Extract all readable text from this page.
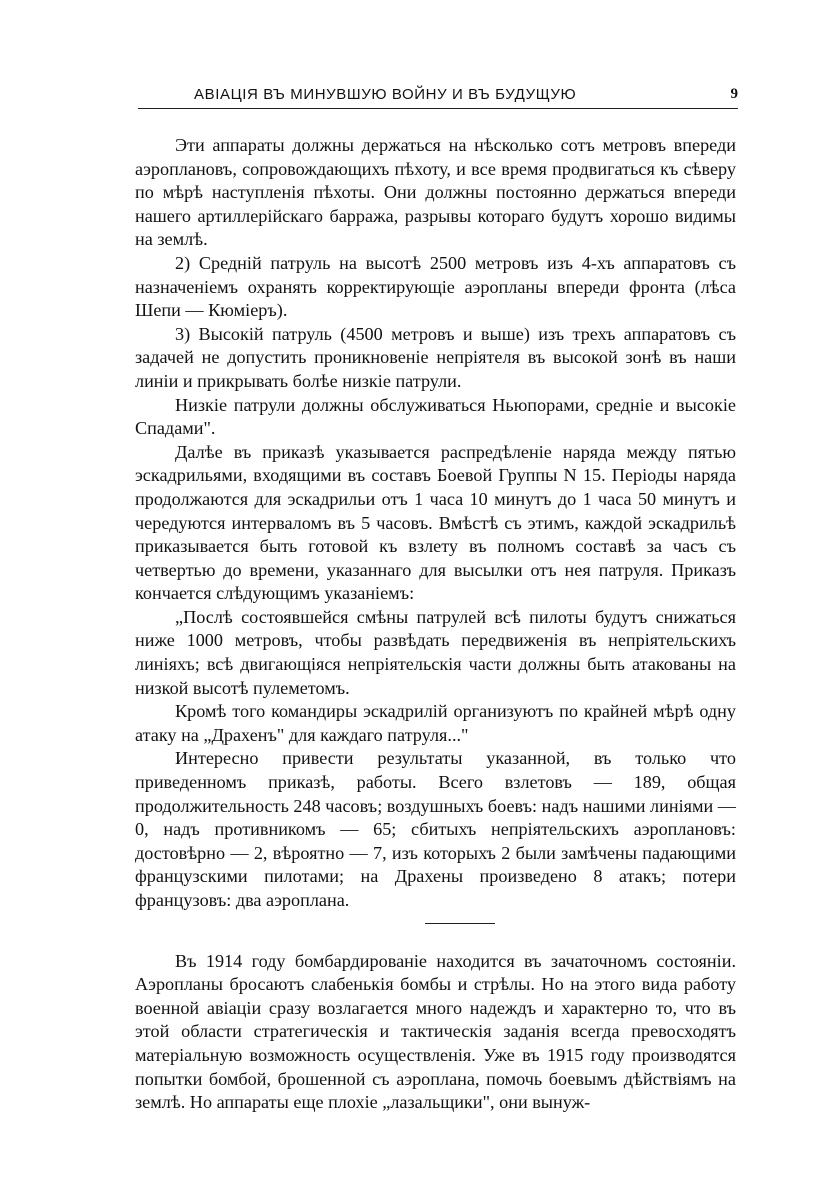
АВІАЦІЯ ВЪ МИНУВШУЮ ВОЙНУ И ВЪ БУДУЩУЮ	9

Эти аппараты должны держаться на нѣсколько сотъ метровъ впереди аэроплановъ, сопровождающихъ пѣхоту, и все время продвигаться къ сѣверу по мѣрѣ наступленія пѣхоты. Они должны постоянно держаться впереди нашего артиллерійскаго барража, разрывы котораго будутъ хорошо видимы на землѣ.

2) Среднiй патруль на высотѣ 2500 метровъ изъ 4-хъ аппаратовъ съ назначеніемъ охранять корректирующіе аэропланы впереди фронта (лѣса Шепи — Кюміеръ).

3) Высокій патруль (4500 метровъ и выше) изъ трехъ аппаратовъ съ задачей не допустить проникновеніе непріятеля въ высокой зонѣ въ наши линіи и прикрывать болѣе низкіе патрули.

Низкіе патрули должны обслуживаться Ньюпорами, средніе и высокіе Спадами".

Далѣе въ приказѣ указывается распредѣленіе наряда между пятью эскадрильями, входящими въ составъ Боевой Группы N 15. Періоды наряда продолжаются для эскадрильи отъ 1 часа 10 минутъ до 1 часа 50 минутъ и чередуются интерваломъ въ 5 часовъ. Вмѣстѣ съ этимъ, каждой эскадрильѣ приказывается быть готовой къ взлету въ полномъ составѣ за часъ съ четвертью до времени, указаннаго для высылки отъ нея патруля. Приказъ кончается слѣдующимъ указаніемъ:

„Послѣ состоявшейся смѣны патрулей всѣ пилоты будутъ снижаться ниже 1000 метровъ, чтобы развѣдать передвиженія въ непріятельскихъ линіяхъ; всѣ двигающіяся непріятельскія части должны быть атакованы на низкой высотѣ пулеметомъ.

Кромѣ того командиры эскадрилій организуютъ по крайней мѣрѣ одну атаку на „Драхенъ" для каждаго патруля..."

Интересно привести результаты указанной, въ только что приведенномъ приказѣ, работы. Всего взлетовъ — 189, общая продолжительность 248 часовъ; воздушныхъ боевъ: надъ нашими линіями — 0, надъ противникомъ — 65; сбитыхъ непріятельскихъ аэроплановъ: достовѣрно — 2, вѣроятно — 7, изъ которыхъ 2 были замѣчены падающими французскими пилотами; на Драхены произведено 8 атакъ; потери французовъ: два аэроплана.

Въ 1914 году бомбардированіе находится въ зачаточномъ состояніи. Аэропланы бросаютъ слабенькія бомбы и стрѣлы. Но на этого вида работу военной авіаціи сразу возлагается много надеждъ и характерно то, что въ этой области стратегическія и тактическія заданія всегда превосходятъ матеріальную возможность осуществленія. Уже въ 1915 году производятся попытки бомбой, брошенной съ аэроплана, помочь боевымъ дѣйствіямъ на землѣ. Но аппараты еще плохіе „лазальщики", они вынуж-
